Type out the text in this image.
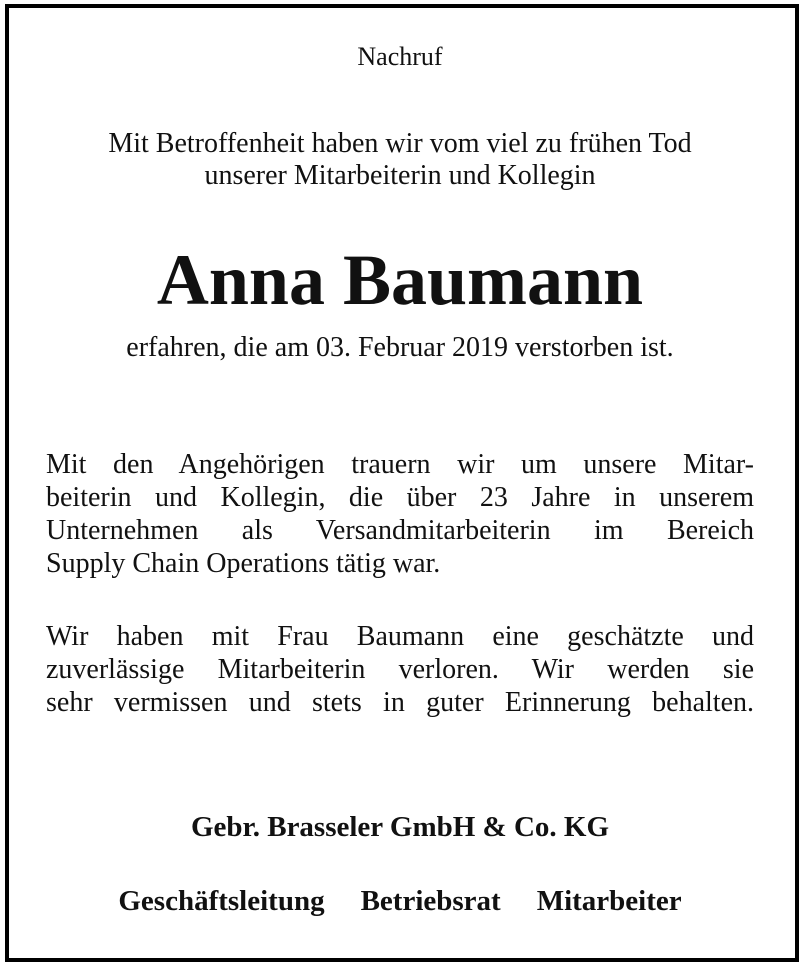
Nachruf
Mit Betroffenheit haben wir vom viel zu frühen Tod
unserer Mitarbeiterin und Kollegin
Anna Baumann
erfahren, die am 03. Februar 2019 verstorben ist.
Mit den Angehörigen trauern wir um unsere Mitar-
beiterin und Kollegin, die über 23 Jahre in unserem
Unternehmen als Versandmitarbeiterin im Bereich
Supply Chain Operations tätig war.
Wir haben mit Frau Baumann eine geschätzte und
zuverlässige Mitarbeiterin verloren. Wir werden sie
sehr vermissen und stets in guter Erinnerung behalten.
Gebr. Brasseler GmbH & Co. KG
Geschäftsleitung Betriebsrat Mitarbeiter
